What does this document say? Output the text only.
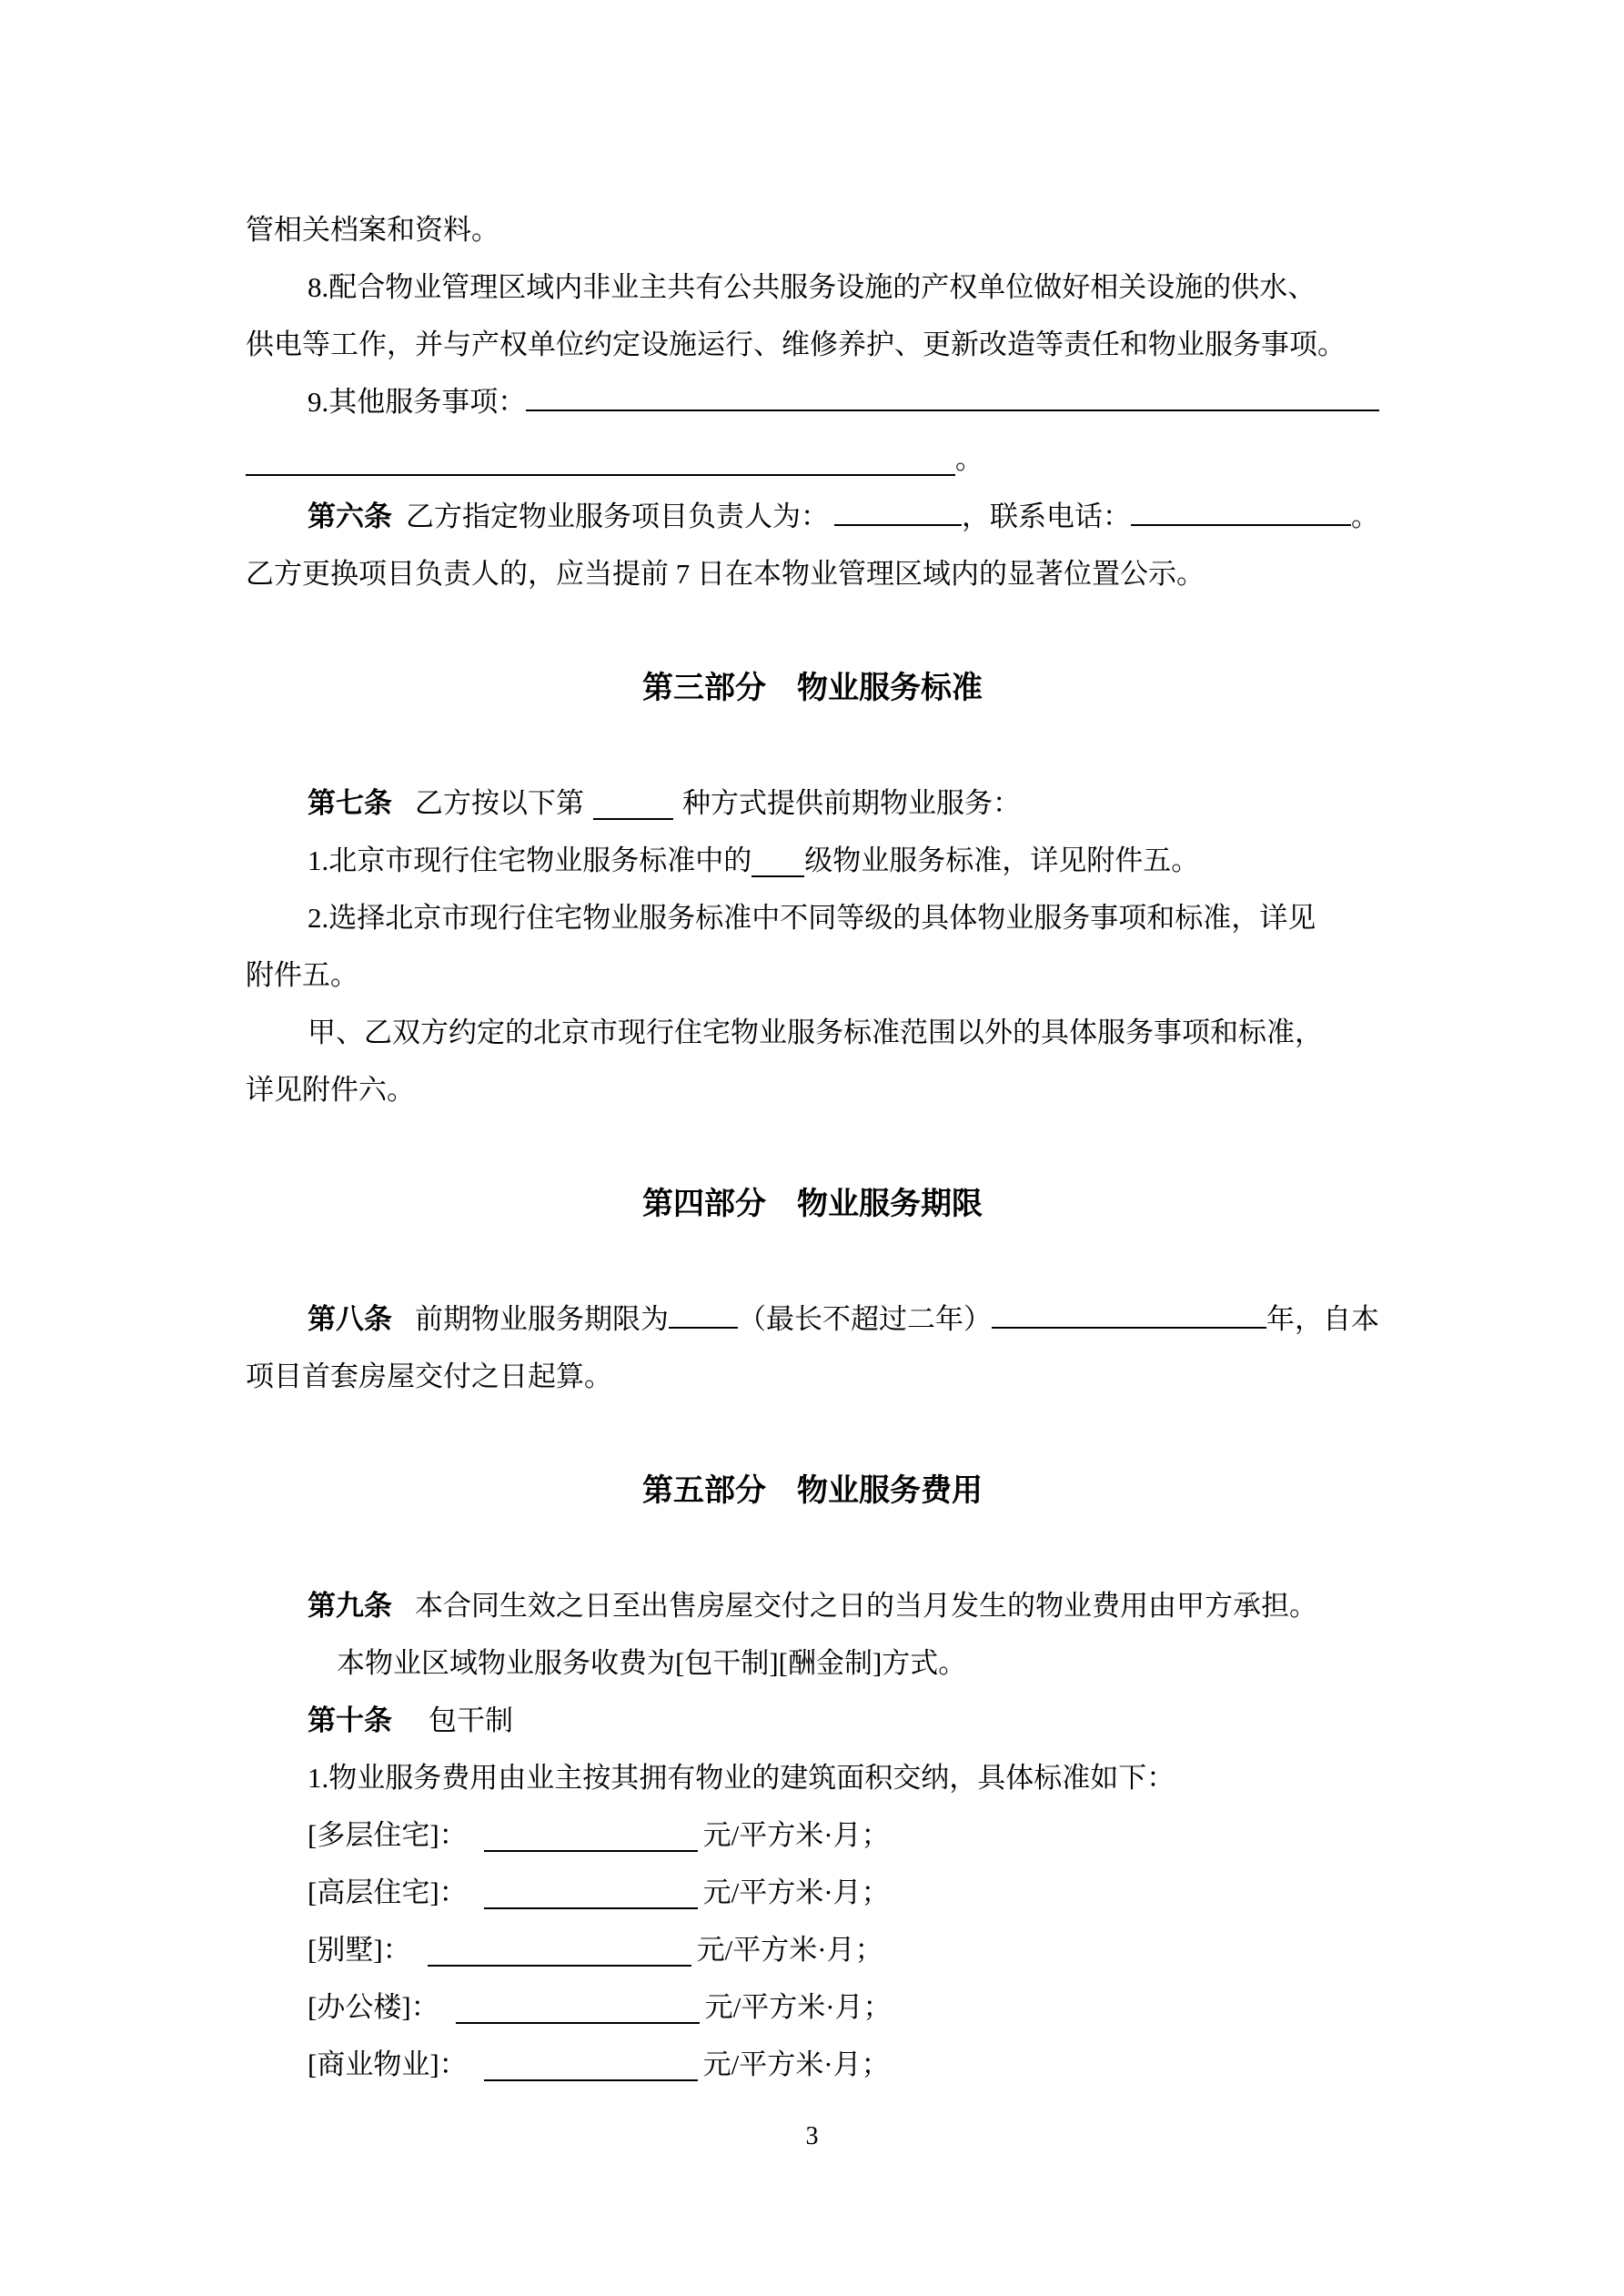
管相关档案和资料。
8.配合物业管理区域内非业主共有公共服务设施的产权单位做好相关设施的供水、
供电等工作，并与产权单位约定设施运行、维修养护、更新改造等责任和物业服务事项。
9.其他服务事项：
。
第六条 乙方指定物业服务项目负责人为：	，联系电话：	。
乙方更换项目负责人的，应当提前 7 日在本物业管理区域内的显著位置公示。
第三部分　物业服务标准
第七条 乙方按以下第	种方式提供前期物业服务：
1.北京市现行住宅物业服务标准中的 级物业服务标准，详见附件五。
2.选择北京市现行住宅物业服务标准中不同等级的具体物业服务事项和标准，详见
附件五。
甲、乙双方约定的北京市现行住宅物业服务标准范围以外的具体服务事项和标准，
详见附件六。
第四部分　物业服务期限
第八条 前期物业服务期限为 （最长不超过二年）	年，自本
项目首套房屋交付之日起算。
第五部分　物业服务费用
第九条 本合同生效之日至出售房屋交付之日的当月发生的物业费用由甲方承担。
本物业区域物业服务收费为[包干制][酬金制]方式。
第十条 包干制
1.物业服务费用由业主按其拥有物业的建筑面积交纳，具体标准如下：
[多层住宅]：	元/平方米·月；
[高层住宅]：	元/平方米·月；
[别墅]：	元/平方米·月；
[办公楼]：	元/平方米·月；
[商业物业]：	元/平方米·月；
3
